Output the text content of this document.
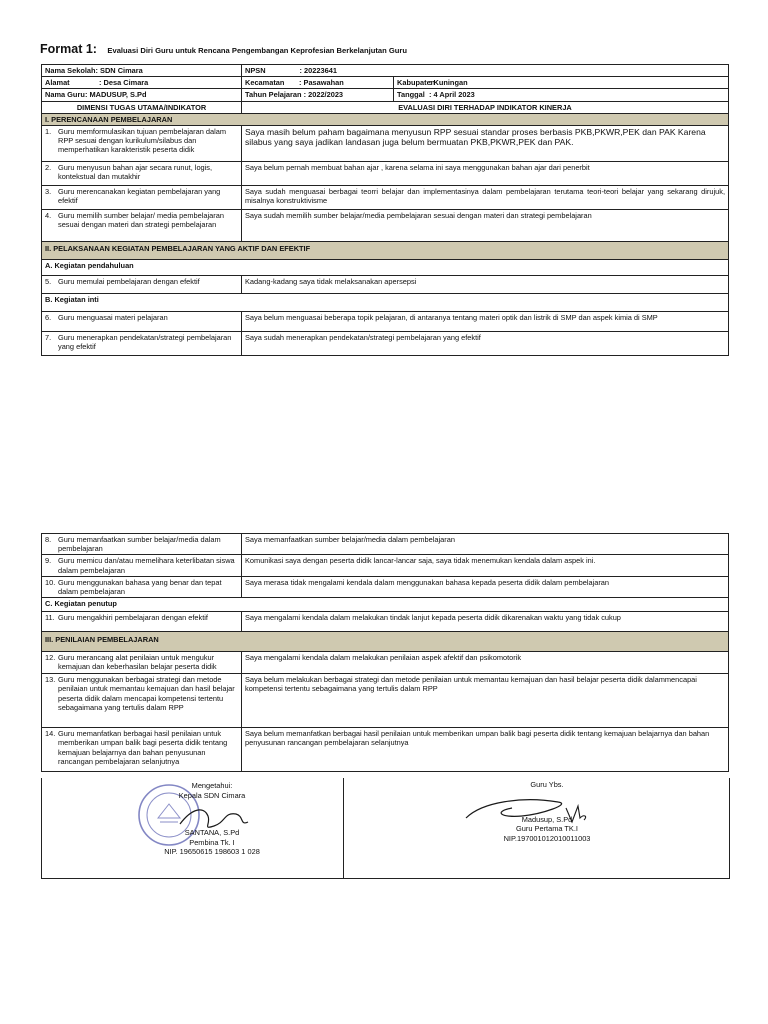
Format 1: Evaluasi Diri Guru untuk Rencana Pengembangan Keprofesian Berkelanjutan Guru
Nama Sekolah: SDN Cimara	NPSN : 20223641	
Alamat : Desa Cimara	Kecamatan : Pasawahan	Kabupaten: Kuningan
Nama Guru: MADUSUP, S.Pd	Tahun Pelajaran : 2022/2023	Tanggal : 4 April 2023
DIMENSI TUGAS UTAMA/INDIKATOR	EVALUASI DIRI TERHADAP INDIKATOR KINERJA	
I. PERENCANAAN PEMBELAJARAN		

1. Guru memformulasikan tujuan pembelajaran dalam RPP sesuai dengan kurikulum/silabus dan memperhatikan karakteristik peserta didik	Saya masih belum paham bagaimana menyusun RPP sesuai standar proses berbasis PKB,PKWR,PEK dan PAK Karena silabus yang saya jadikan landasan juga belum bermuatan PKB,PKWR,PEK dan PAK.	

2. Guru menyusun bahan ajar secara runut, logis, kontekstual dan mutakhir	Saya belum pernah membuat bahan ajar , karena selama ini saya menggunakan bahan ajar dari penerbit	

3. Guru merencanakan kegiatan pembelajaran yang efektif	Saya sudah menguasai berbagai teorri belajar dan implementasinya dalam pembelajaran terutama teori-teori belajar yang sekarang dirujuk, misalnya konstruktivisme	

4. Guru memilih sumber belajar/ media pembelajaran sesuai dengan materi dan strategi pembelajaran	Saya sudah memilih sumber belajar/media pembelajaran sesuai dengan materi dan strategi pembelajaran	
II. PELAKSANAAN KEGIATAN PEMBELAJARAN YANG AKTIF DAN EFEKTIF		
A. Kegiatan pendahuluan		

5. Guru memulai pembelajaran dengan efektif	Kadang-kadang saya tidak melaksanakan apersepsi	
B. Kegiatan inti		

6. Guru menguasai materi pelajaran	Saya belum menguasai beberapa topik pelajaran, di antaranya tentang materi optik dan listrik di SMP dan aspek kimia di SMP	

7. Guru menerapkan pendekatan/strategi pembelajaran yang efektif	Saya sudah menerapkan pendekatan/strategi pembelajaran yang efektif	
8. Guru memanfaatkan sumber belajar/media dalam pembelajaran	Saya memanfaatkan sumber belajar/media dalam pembelajaran

9. Guru memicu dan/atau memelihara keterlibatan siswa dalam pembelajaran	Komunikasi saya dengan peserta didik lancar-lancar saja, saya tidak menemukan kendala dalam aspek ini.

10. Guru menggunakan bahasa yang benar dan tepat dalam pembelajaran	Saya merasa tidak mengalami kendala dalam menggunakan bahasa kepada peserta didik dalam pembelajaran
C. Kegiatan penutup	

11. Guru mengakhiri pembelajaran dengan efektif	Saya mengalami kendala dalam melakukan tindak lanjut kepada peserta didik dikarenakan waktu yang tidak cukup
III. PENILAIAN PEMBELAJARAN	

12. Guru merancang alat penilaian untuk mengukur kemajuan dan keberhasilan belajar peserta didik	Saya mengalami kendala dalam melakukan penilaian aspek afektif dan psikomotorik

13. Guru menggunakan berbagai strategi dan metode penilaian untuk memantau kemajuan dan hasil belajar peserta didik dalam mencapai kompetensi tertentu sebagaimana yang tertulis dalam RPP	Saya belum melakukan berbagai strategi dan metode penilaian untuk memantau kemajuan dan hasil belajar peserta didik dalammencapai kompetensi tertentu sebagaimana yang tertulis dalam RPP

14. Guru memanfatkan berbagai hasil penilaian untuk memberikan umpan balik bagi peserta didik tentang kemajuan belajarnya dan bahan penyusunan rancangan pembelajaran selanjutnya	Saya belum memanfatkan berbagai hasil penilaian untuk memberikan umpan balik bagi peserta didik tentang kemajuan belajarnya dan bahan penyusunan rancangan pembelajaran selanjutnya
Mengetahui:
Kepala SDN Cimara
SANTANA, S.Pd
Pembina Tk. I
NIP. 19650615 198603 1 028
Guru Ybs.
Madusup, S.Pd
Guru Pertama TK.I
NIP.197001012010011003
